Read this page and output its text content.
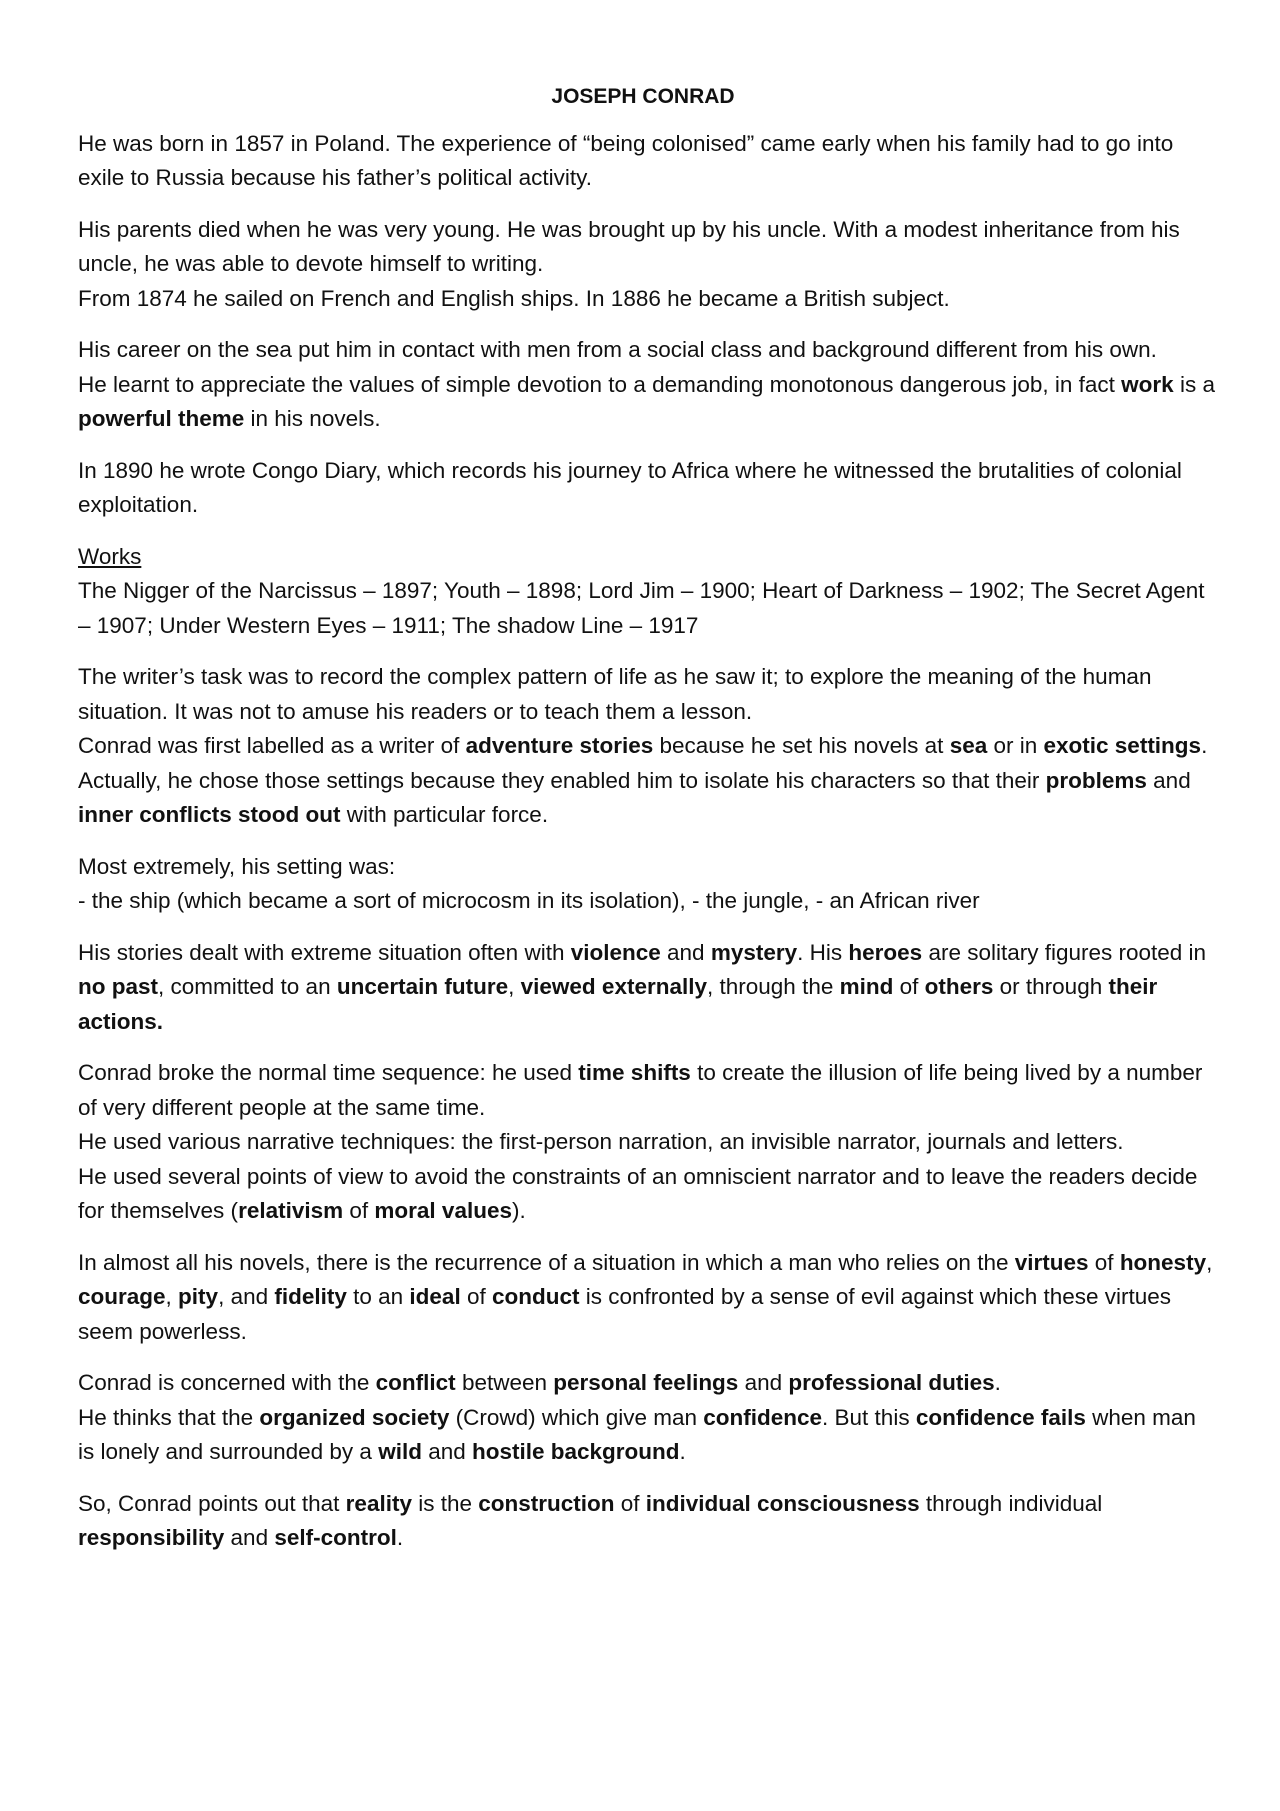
JOSEPH CONRAD

He was born in 1857 in Poland. The experience of “being colonised” came early when his family had to go into exile to Russia because his father’s political activity.

His parents died when he was very young. He was brought up by his uncle. With a modest inheritance from his uncle, he was able to devote himself to writing.
From 1874 he sailed on French and English ships. In 1886 he became a British subject.

His career on the sea put him in contact with men from a social class and background different from his own.
He learnt to appreciate the values of simple devotion to a demanding monotonous dangerous job, in fact work is a powerful theme in his novels.

In 1890 he wrote Congo Diary, which records his journey to Africa where he witnessed the brutalities of colonial exploitation.

Works
The Nigger of the Narcissus – 1897; Youth – 1898; Lord Jim – 1900; Heart of Darkness – 1902; The Secret Agent – 1907; Under Western Eyes – 1911; The shadow Line – 1917

The writer’s task was to record the complex pattern of life as he saw it; to explore the meaning of the human situation. It was not to amuse his readers or to teach them a lesson.
Conrad was first labelled as a writer of adventure stories because he set his novels at sea or in exotic settings. Actually, he chose those settings because they enabled him to isolate his characters so that their problems and inner conflicts stood out with particular force.

Most extremely, his setting was:
- the ship (which became a sort of microcosm in its isolation), - the jungle, - an African river

His stories dealt with extreme situation often with violence and mystery. His heroes are solitary figures rooted in no past, committed to an uncertain future, viewed externally, through the mind of others or through their actions.

Conrad broke the normal time sequence: he used time shifts to create the illusion of life being lived by a number of very different people at the same time.
He used various narrative techniques: the first-person narration, an invisible narrator, journals and letters.
He used several points of view to avoid the constraints of an omniscient narrator and to leave the readers decide for themselves (relativism of moral values).

In almost all his novels, there is the recurrence of a situation in which a man who relies on the virtues of honesty, courage, pity, and fidelity to an ideal of conduct is confronted by a sense of evil against which these virtues seem powerless.

Conrad is concerned with the conflict between personal feelings and professional duties.
He thinks that the organized society (Crowd) which give man confidence. But this confidence fails when man is lonely and surrounded by a wild and hostile background.

So, Conrad points out that reality is the construction of individual consciousness through individual responsibility and self-control.
